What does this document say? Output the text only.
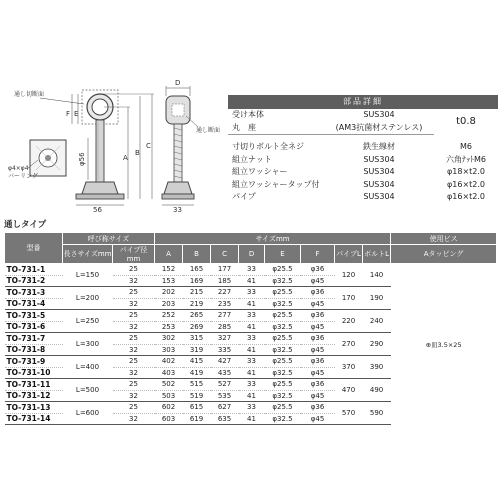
φ4×φ4
バーリング
通し切断面
F E
φ56	A
B
C
56
D
通し断面
33
部品詳細		
受け本体	SUS304	t0.8
丸　座	(AM3抗菌材ステンレス)	

寸切りボルト全ネジ	鉄生線材	M6
組立ナット	SUS304	六角ﾅｯﾄM6
組立ワッシャー	SUS304	φ18×t2.0
組立ワッシャータップ付	SUS304	φ16×t2.0
パイプ	SUS304	φ16×t2.0
通しタイプ
型番	呼び称サイズ		サイズmm								使用ビス
	長さサイズmm	パイプ径mm	A	B	C	D	E	F	パイプL	ボルトL	Aタッピング
TO-731-1	L=150	25	152	165	177	33	φ25.5	φ36	120	140	⊕皿3.5×25
TO-731-2		32	153	169	185	41	φ32.5	φ45			
TO-731-3	L=200	25	202	215	227	33	φ25.5	φ36	170	190	
TO-731-4		32	203	219	235	41	φ32.5	φ45			
TO-731-5	L=250	25	252	265	277	33	φ25.5	φ36	220	240	
TO-731-6		32	253	269	285	41	φ32.5	φ45			
TO-731-7	L=300	25	302	315	327	33	φ25.5	φ36	270	290	
TO-731-8		32	303	319	335	41	φ32.5	φ45			
TO-731-9	L=400	25	402	415	427	33	φ25.5	φ36	370	390	
TO-731-10		32	403	419	435	41	φ32.5	φ45			
TO-731-11	L=500	25	502	515	527	33	φ25.5	φ36	470	490	
TO-731-12		32	503	519	535	41	φ32.5	φ45			
TO-731-13	L=600	25	602	615	627	33	φ25.5	φ36	570	590	
TO-731-14		32	603	619	635	41	φ32.5	φ45			
